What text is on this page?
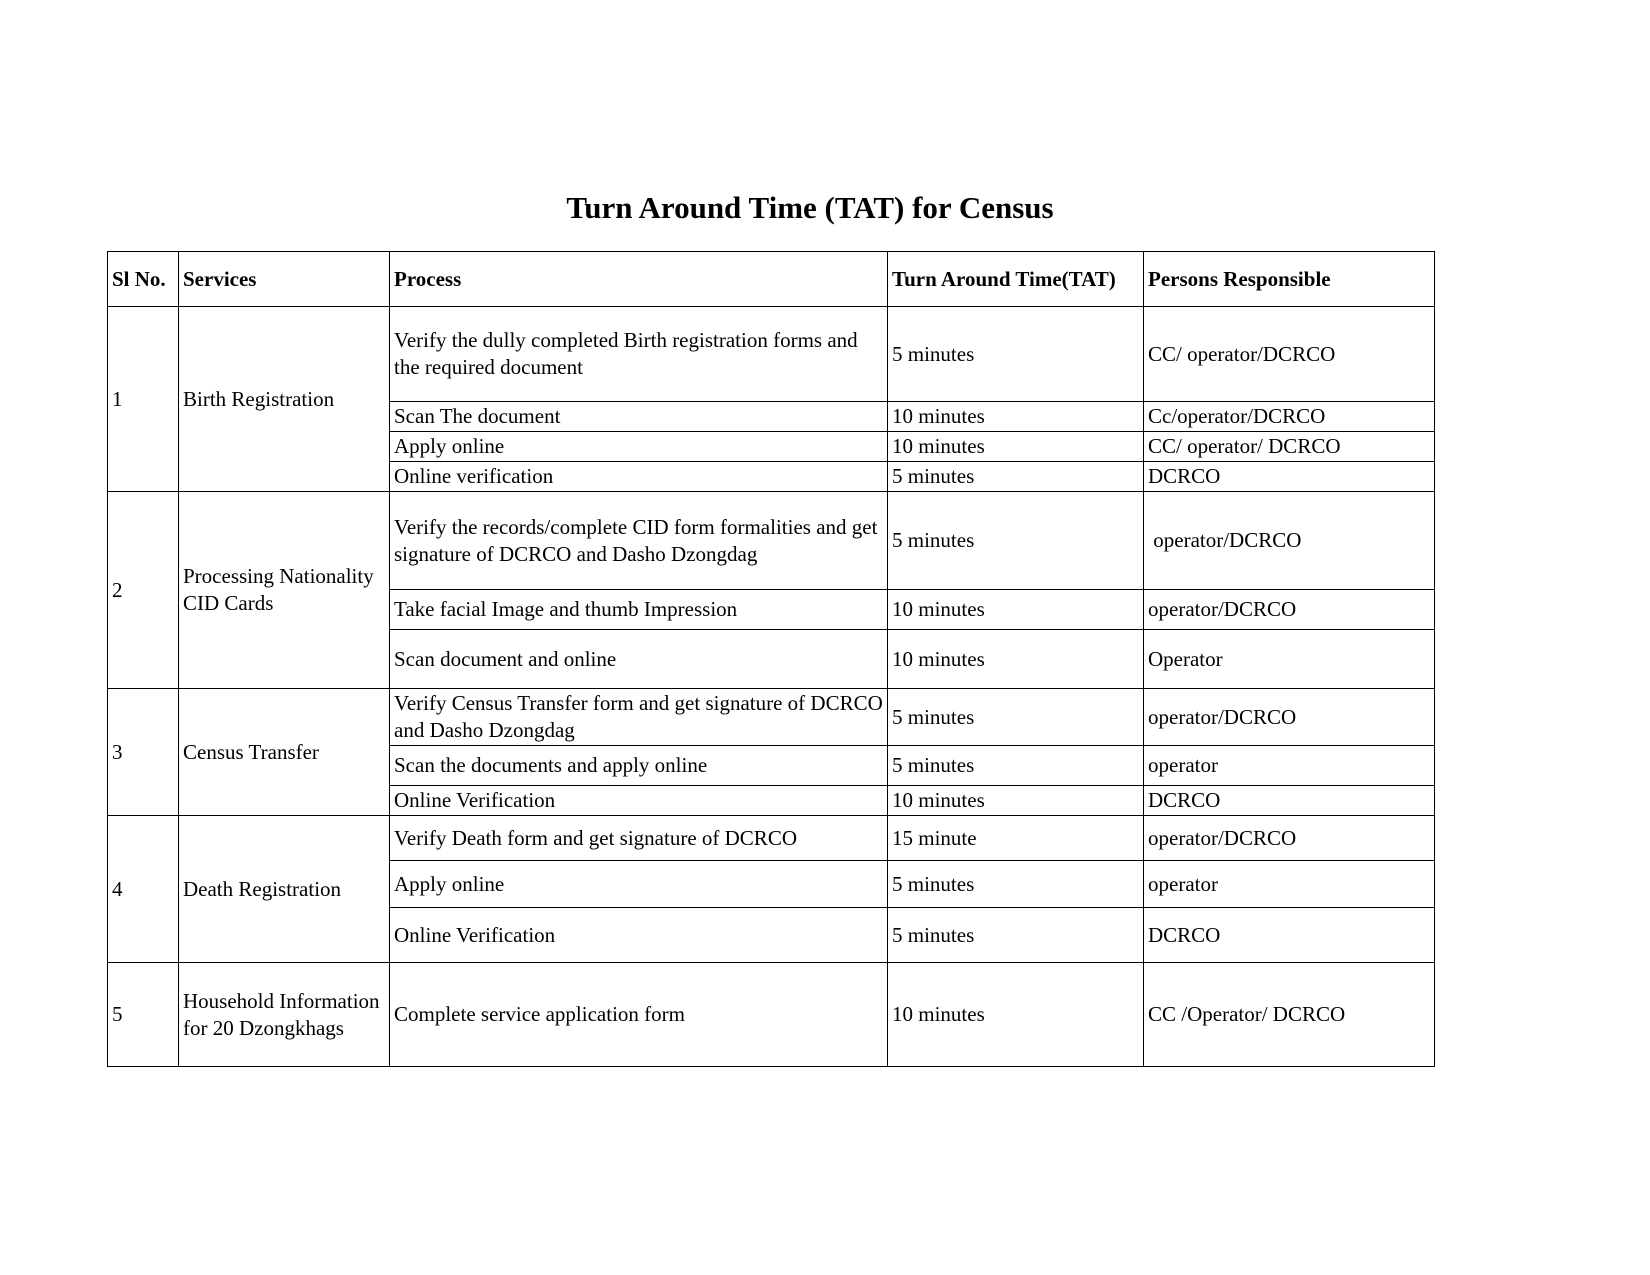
Turn Around Time (TAT) for Census
Sl No.	Services	Process	Turn Around Time(TAT)	Persons Responsible
1	Birth Registration	Verify the dully completed Birth registration forms and the required document	5 minutes	CC/ operator/DCRCO
		Scan The document	10 minutes	Cc/operator/DCRCO
		Apply online	10 minutes	CC/ operator/ DCRCO
		Online verification	5 minutes	DCRCO
2	Processing Nationality CID Cards	Verify the records/complete CID form formalities and get signature of DCRCO and Dasho Dzongdag	5 minutes	operator/DCRCO
		Take facial Image and thumb Impression	10 minutes	operator/DCRCO
		Scan document and online	10 minutes	Operator
3	Census Transfer	Verify Census Transfer form and get signature of DCRCO and Dasho Dzongdag	5 minutes	operator/DCRCO
		Scan the documents and apply online	5 minutes	operator
		Online Verification	10 minutes	DCRCO
4	Death Registration	Verify Death form and get signature of DCRCO	15 minute	operator/DCRCO
		Apply online	5 minutes	operator
		Online Verification	5 minutes	DCRCO
5	Household Information for 20 Dzongkhags	Complete service application form	10 minutes	CC /Operator/ DCRCO
